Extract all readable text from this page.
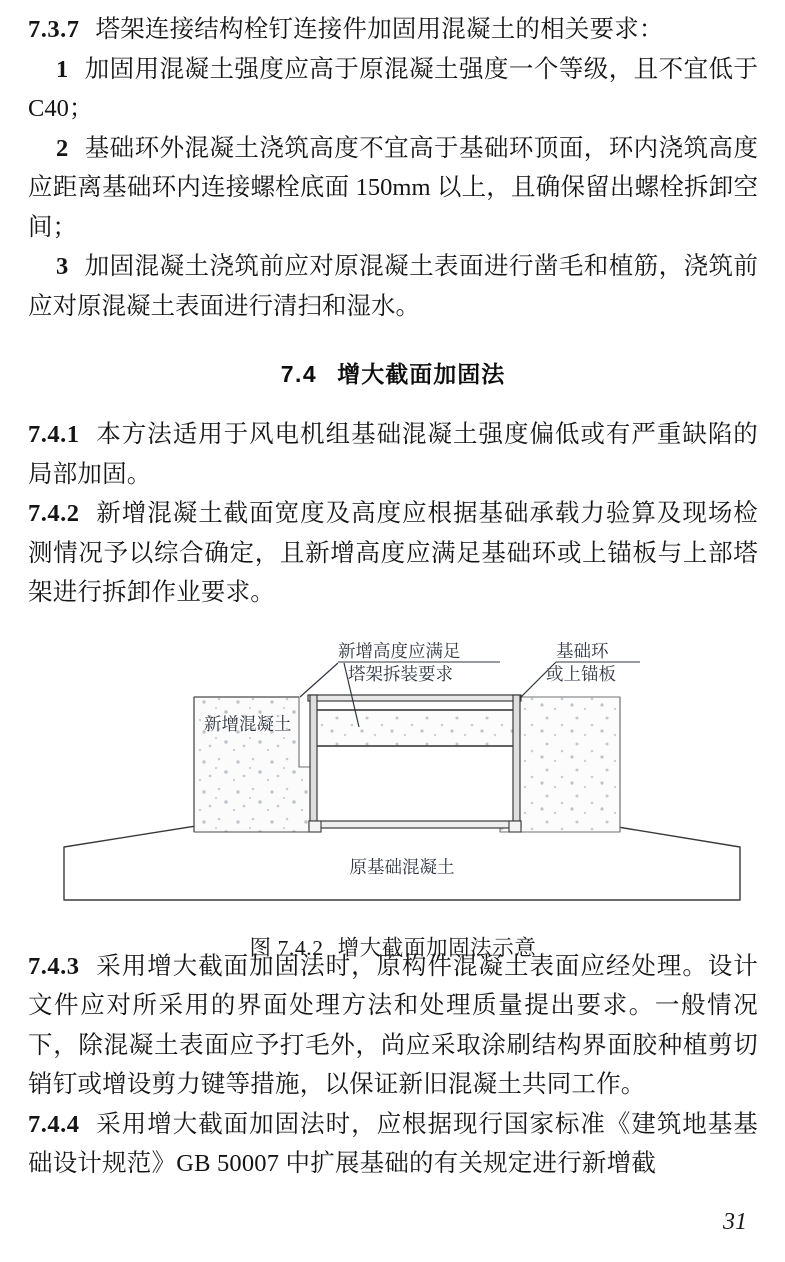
7.3.7 塔架连接结构栓钉连接件加固用混凝土的相关要求：

1 加固用混凝土强度应高于原混凝土强度一个等级，且不宜低于 C40；

2 基础环外混凝土浇筑高度不宜高于基础环顶面，环内浇筑高度应距离基础环内连接螺栓底面 150mm 以上，且确保留出螺栓拆卸空间；

3 加固混凝土浇筑前应对原混凝土表面进行凿毛和植筋，浇筑前应对原混凝土表面进行清扫和湿水。

7.4 增大截面加固法

7.4.1 本方法适用于风电机组基础混凝土强度偏低或有严重缺陷的局部加固。

7.4.2 新增混凝土截面宽度及高度应根据基础承载力验算及现场检测情况予以综合确定，且新增高度应满足基础环或上锚板与上部塔架进行拆卸作业要求。

新增高度应满足
塔架拆装要求
基础环
或上锚板
新增混凝土
原基础混凝土
图 7.4.2 增大截面加固法示意

7.4.3 采用增大截面加固法时，原构件混凝土表面应经处理。设计文件应对所采用的界面处理方法和处理质量提出要求。一般情况下，除混凝土表面应予打毛外，尚应采取涂刷结构界面胶种植剪切销钉或增设剪力键等措施，以保证新旧混凝土共同工作。

7.4.4 采用增大截面加固法时，应根据现行国家标准《建筑地基基础设计规范》GB 50007 中扩展基础的有关规定进行新增截

31
